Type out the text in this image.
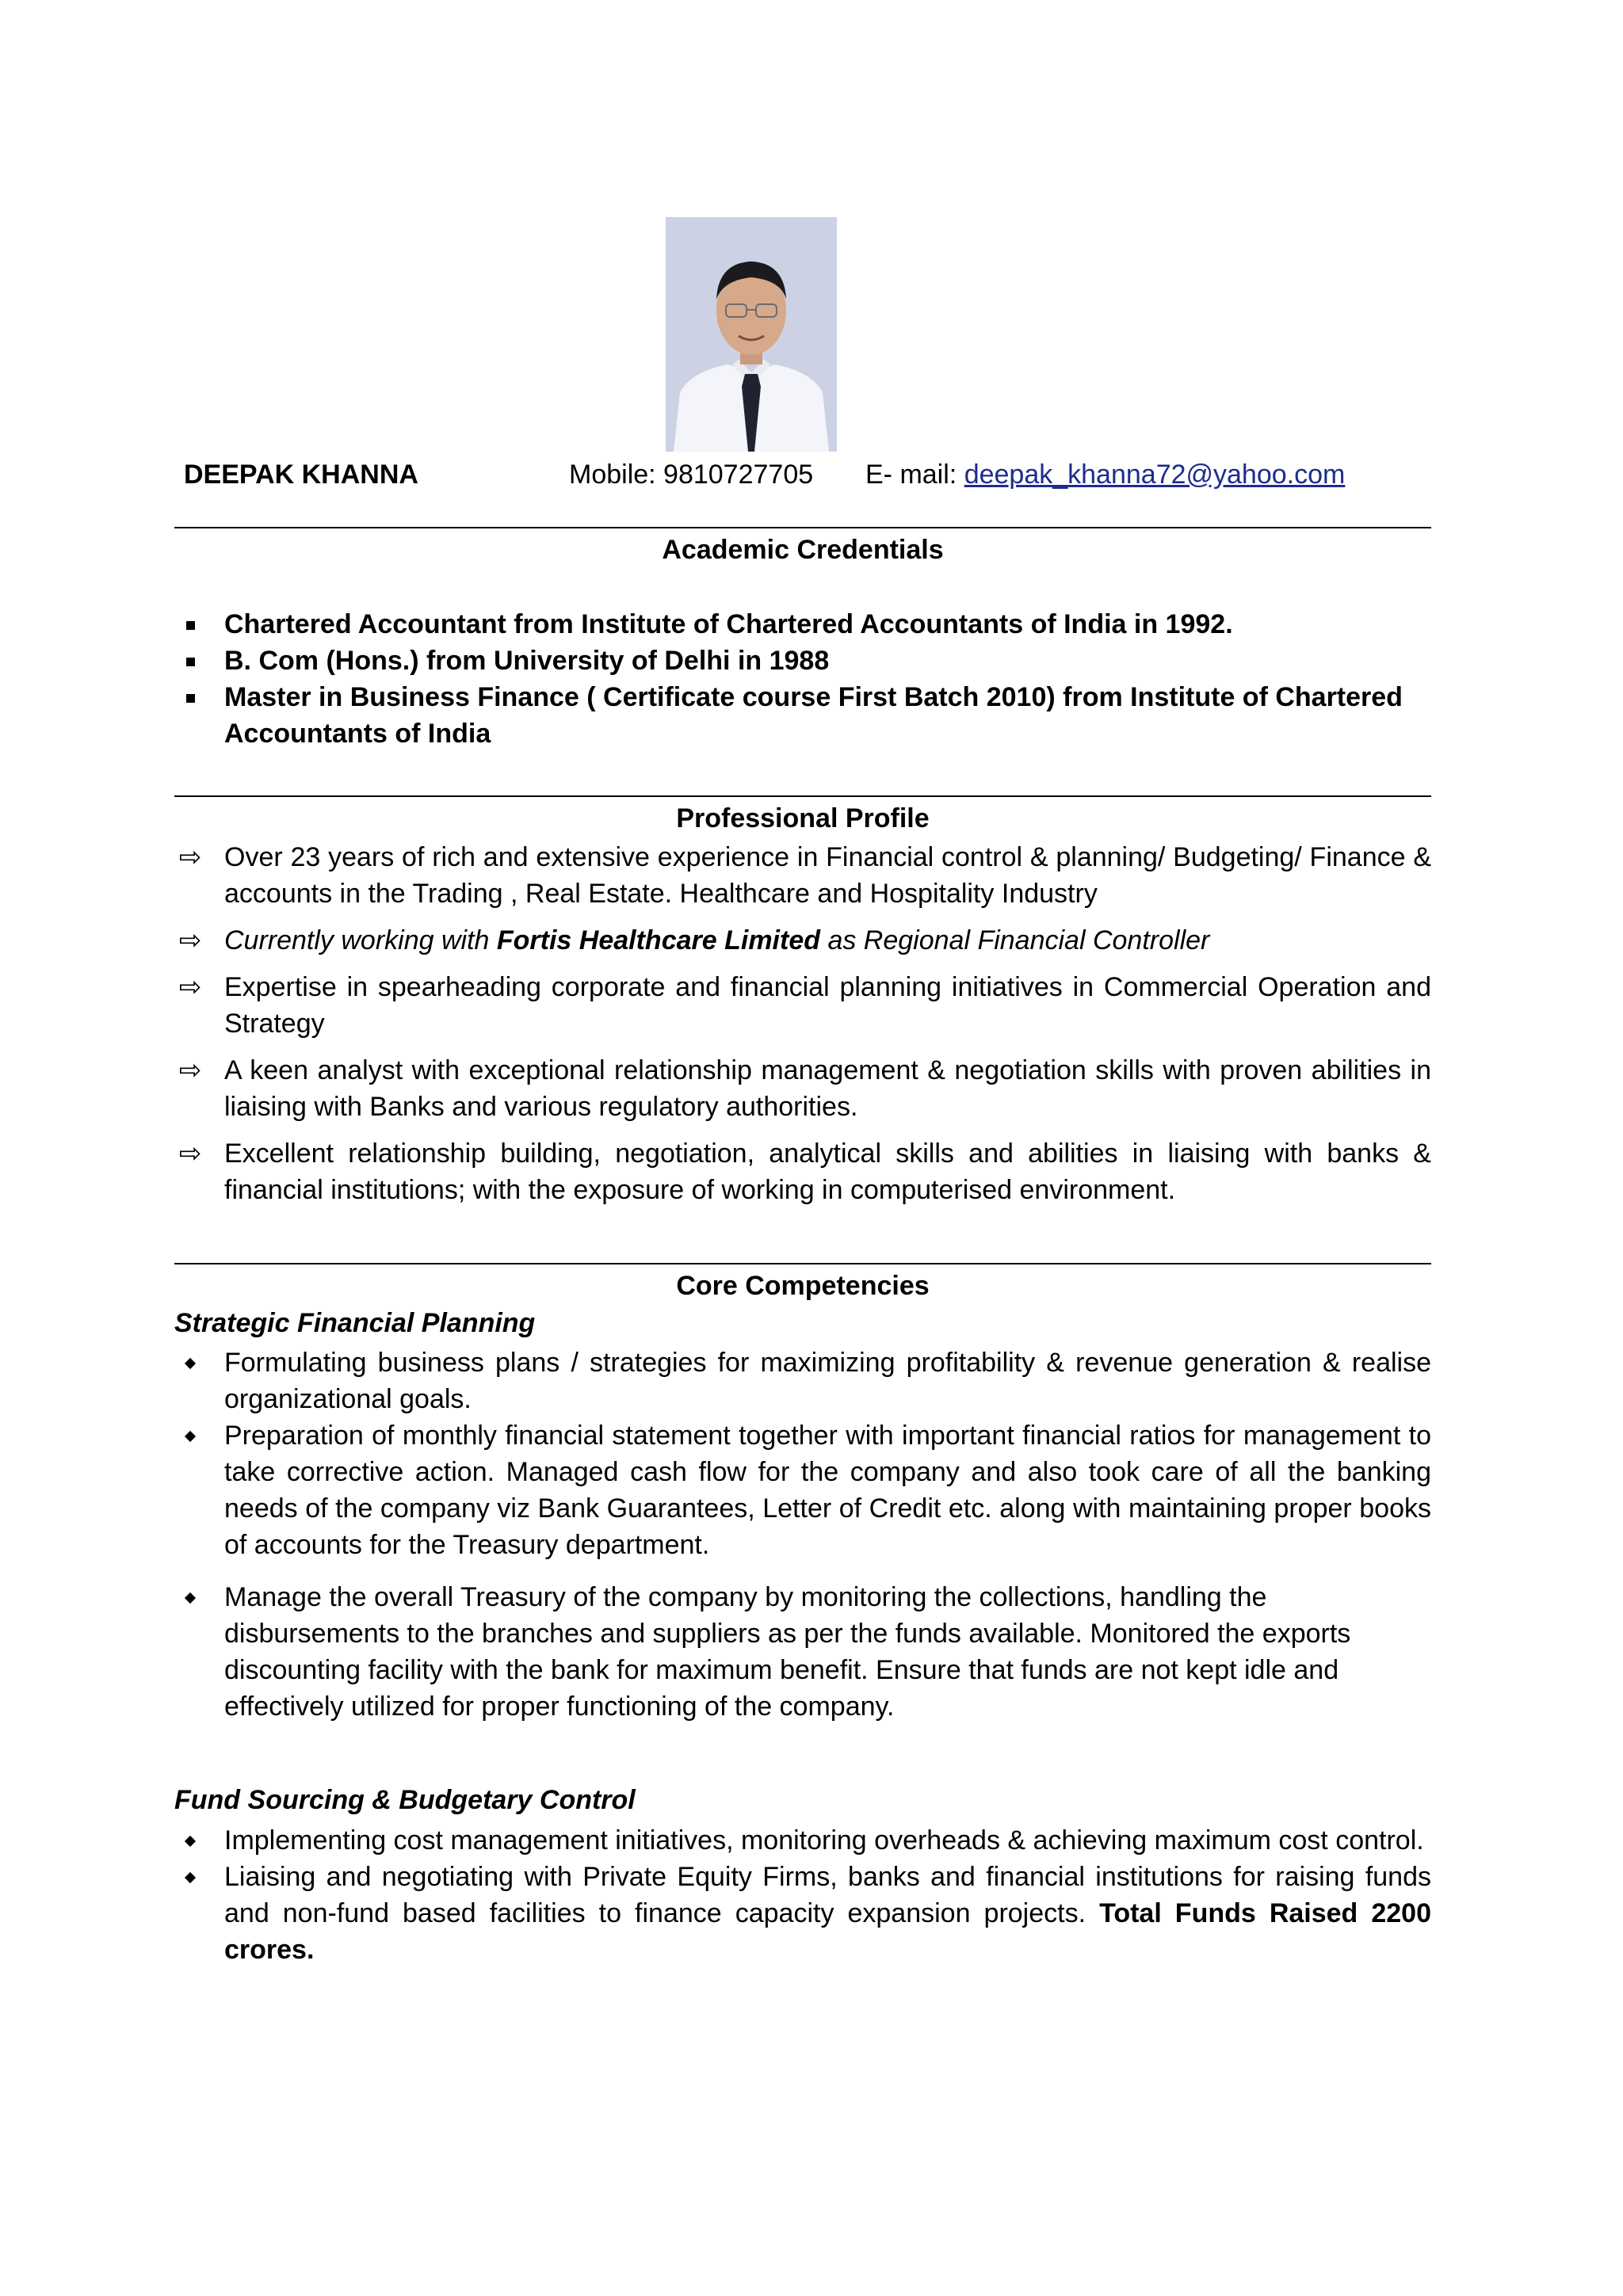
DEEPAK KHANNA	Mobile: 9810727705 E- mail: deepak_khanna72@yahoo.com
Academic Credentials
Chartered Accountant from Institute of Chartered Accountants of India in 1992.
B. Com (Hons.) from University of Delhi in 1988
Master in Business Finance ( Certificate course First Batch 2010) from Institute of Chartered Accountants of India
Professional Profile
⇨ Over 23 years of rich and extensive experience in Financial control & planning/ Budgeting/ Finance & accounts in the Trading , Real Estate. Healthcare and Hospitality Industry
⇨ Currently working with Fortis Healthcare Limited as Regional Financial Controller
⇨ Expertise in spearheading corporate and financial planning initiatives in Commercial Operation and Strategy
⇨ A keen analyst with exceptional relationship management & negotiation skills with proven abilities in liaising with Banks and various regulatory authorities.
⇨ Excellent relationship building, negotiation, analytical skills and abilities in liaising with banks & financial institutions; with the exposure of working in computerised environment.
Core Competencies
Strategic Financial Planning
Formulating business plans / strategies for maximizing profitability & revenue generation & realise organizational goals.
Preparation of monthly financial statement together with important financial ratios for management to take corrective action. Managed cash flow for the company and also took care of all the banking needs of the company viz Bank Guarantees, Letter of Credit etc. along with maintaining proper books of accounts for the Treasury department.
Manage the overall Treasury of the company by monitoring the collections, handling the disbursements to the branches and suppliers as per the funds available. Monitored the exports discounting facility with the bank for maximum benefit. Ensure that funds are not kept idle and effectively utilized for proper functioning of the company.
Fund Sourcing & Budgetary Control
Implementing cost management initiatives, monitoring overheads & achieving maximum cost control.
Liaising and negotiating with Private Equity Firms, banks and financial institutions for raising funds and non-fund based facilities to finance capacity expansion projects. Total Funds Raised 2200 crores.
